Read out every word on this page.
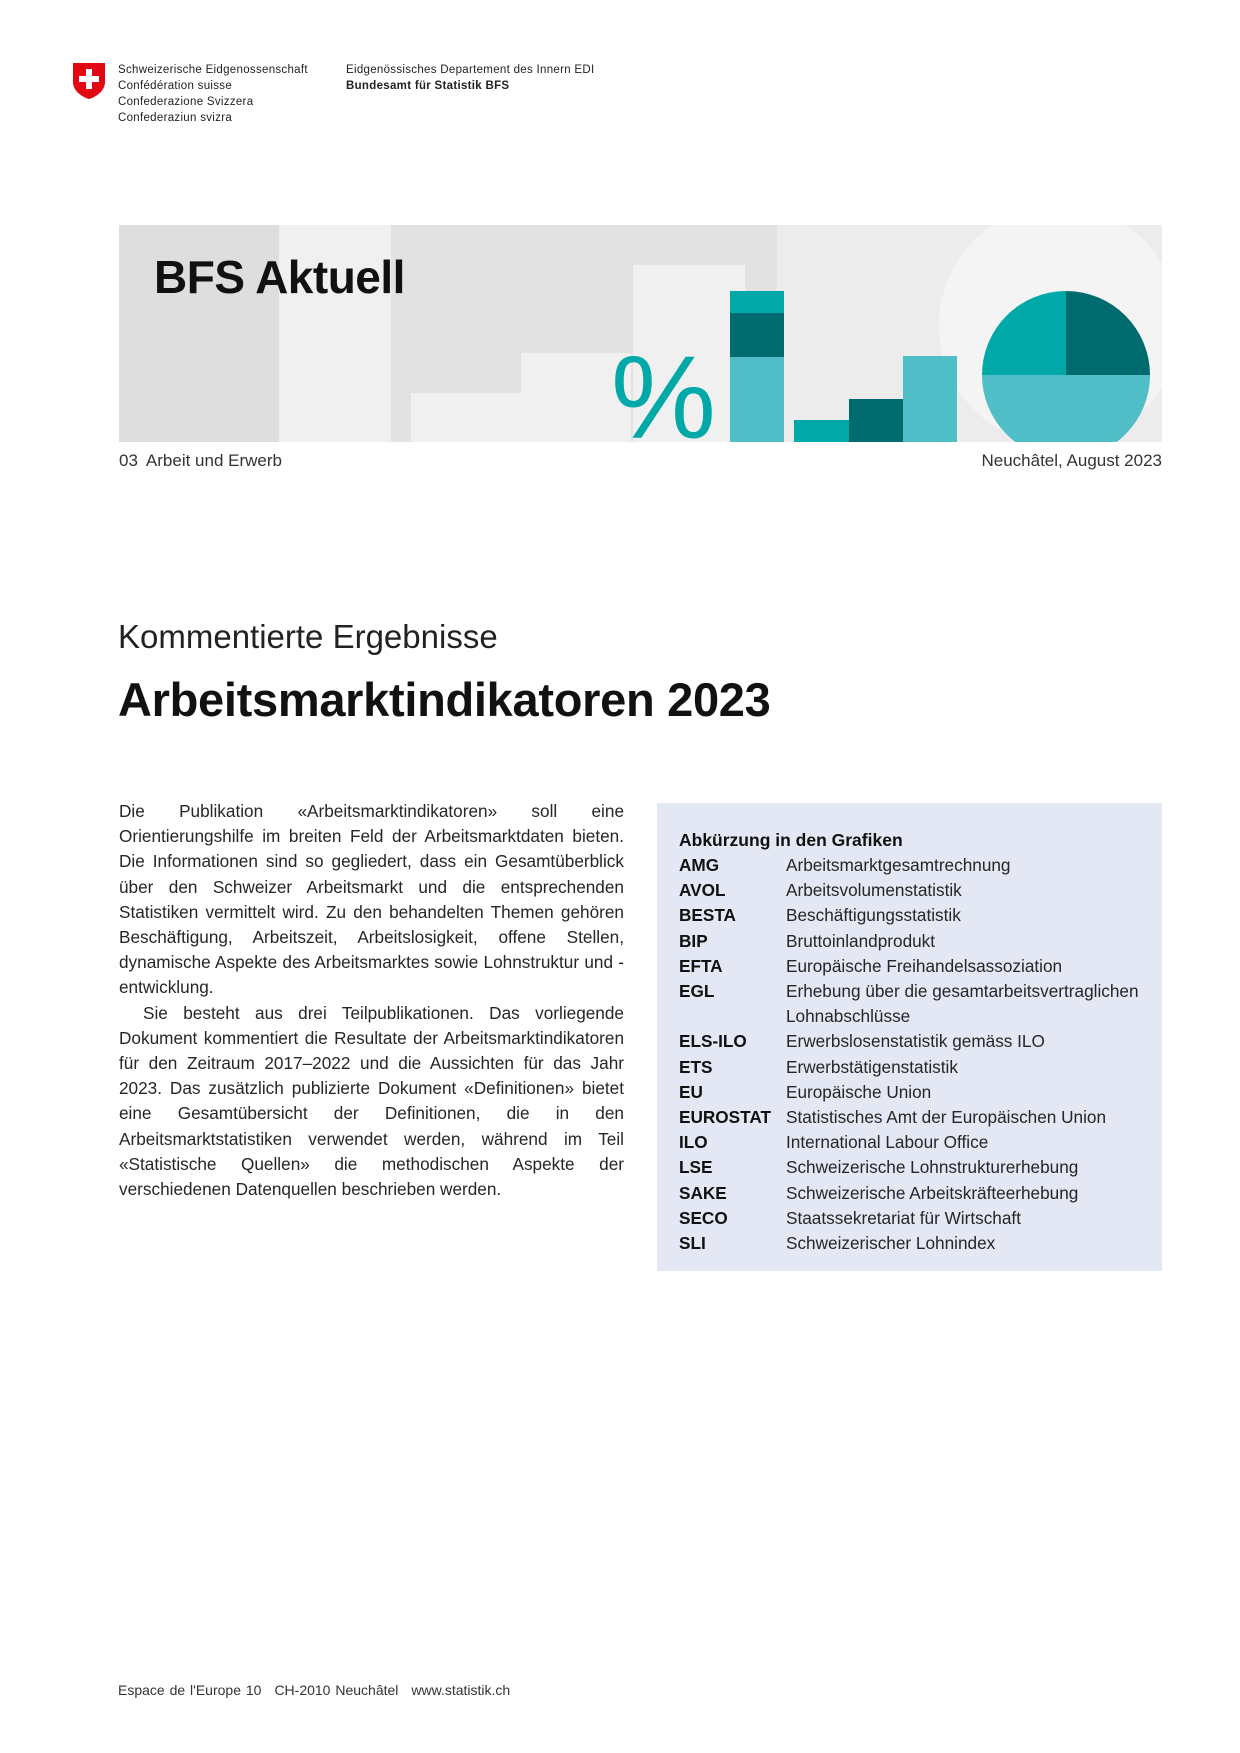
Schweizerische Eidgenossenschaft
Confédération suisse
Confederazione Svizzera
Confederaziun svizra
Eidgenössisches Departement des Innern EDI
Bundesamt für Statistik BFS
%
BFS Aktuell
03 Arbeit und Erwerb	Neuchâtel, August 2023
Kommentierte Ergebnisse
Arbeitsmarktindikatoren 2023

Die Publikation «Arbeitsmarktindikatoren» soll eine Orientierungshilfe im breiten Feld der Arbeitsmarktdaten bieten. Die Informationen sind so gegliedert, dass ein Gesamtüberblick über den Schweizer Arbeitsmarkt und die entsprechenden Statistiken vermittelt wird. Zu den behandelten Themen gehören Beschäftigung, Arbeitszeit, Arbeitslosigkeit, offene Stellen, dynamische Aspekte des Arbeitsmarktes sowie Lohnstruktur und -entwicklung.

Sie besteht aus drei Teilpublikationen. Das vorliegende Dokument kommentiert die Resultate der Arbeitsmarktindikatoren für den Zeitraum 2017–2022 und die Aussichten für das Jahr 2023. Das zusätzlich publizierte Dokument «Definitionen» bietet eine Gesamtübersicht der Definitionen, die in den Arbeitsmarktstatistiken verwendet werden, während im Teil «Statistische Quellen» die methodischen Aspekte der verschiedenen Datenquellen beschrieben werden.

Abkürzung in den Grafiken
AMG	Arbeitsmarktgesamtrechnung
AVOL	Arbeitsvolumenstatistik
BESTA	Beschäftigungsstatistik
BIP	Bruttoinlandprodukt
EFTA	Europäische Freihandelsassoziation
EGL	Erhebung über die gesamtarbeitsvertraglichen Lohnabschlüsse
ELS-ILO	Erwerbslosenstatistik gemäss ILO
ETS	Erwerbstätigenstatistik
EU	Europäische Union
EUROSTAT Statistisches Amt der Europäischen Union
ILO	International Labour Office
LSE	Schweizerische Lohnstrukturerhebung
SAKE	Schweizerische Arbeitskräfteerhebung
SECO	Staatssekretariat für Wirtschaft
SLI	Schweizerischer Lohnindex
Espace de l'Europe 10 CH-2010 Neuchâtel www.statistik.ch
